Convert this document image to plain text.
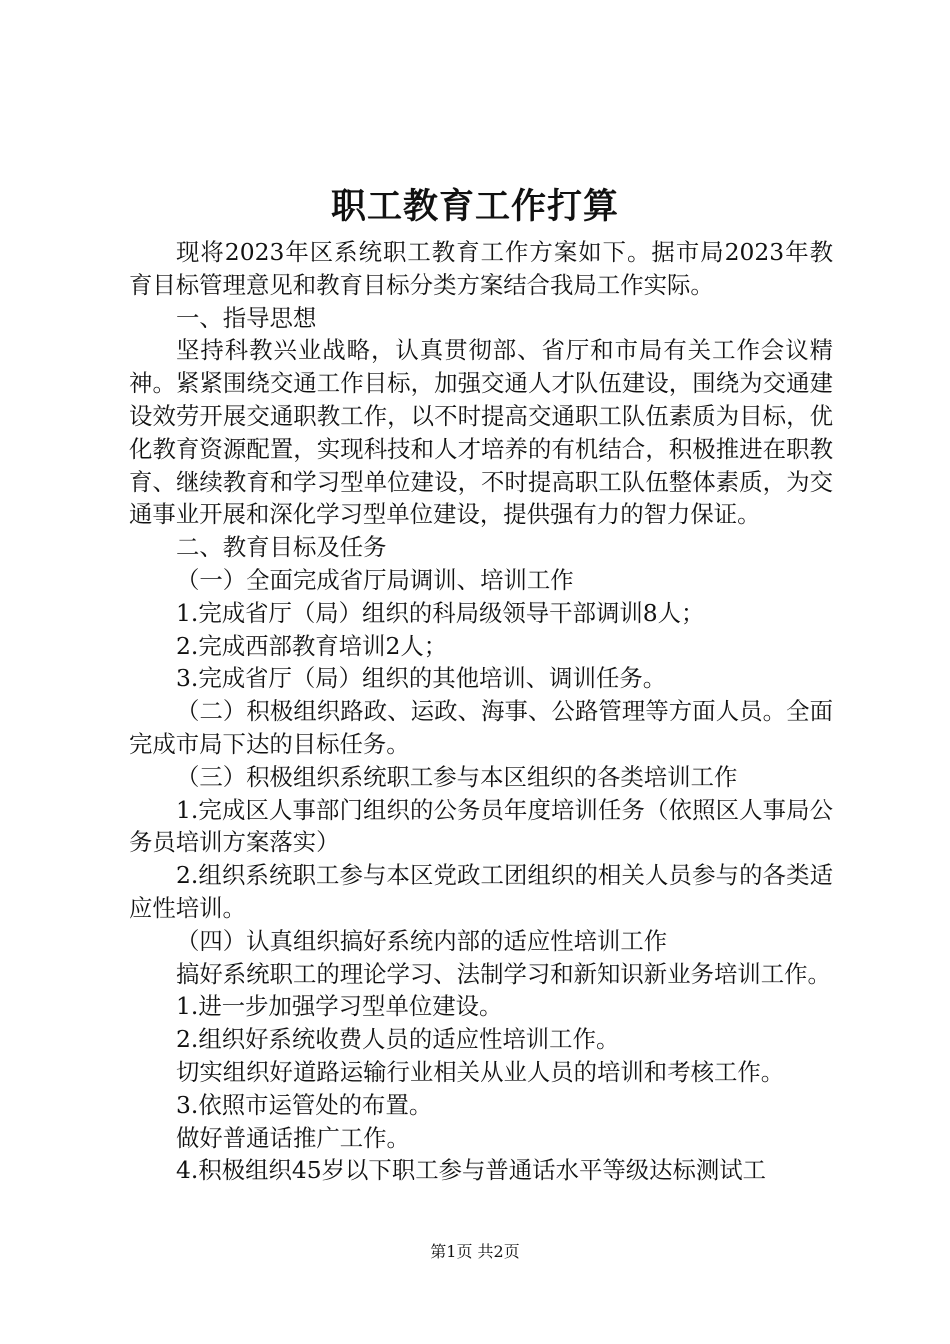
职工教育工作打算

现将2023年区系统职工教育工作方案如下。据市局2023年教育目标管理意见和教育目标分类方案结合我局工作实际。

一、指导思想

坚持科教兴业战略，认真贯彻部、省厅和市局有关工作会议精神。紧紧围绕交通工作目标，加强交通人才队伍建设，围绕为交通建设效劳开展交通职教工作，以不时提高交通职工队伍素质为目标，优化教育资源配置，实现科技和人才培养的有机结合，积极推进在职教育、继续教育和学习型单位建设，不时提高职工队伍整体素质，为交通事业开展和深化学习型单位建设，提供强有力的智力保证。

二、教育目标及任务

（一）全面完成省厅局调训、培训工作

1.完成省厅（局）组织的科局级领导干部调训8人；

2.完成西部教育培训2人；

3.完成省厅（局）组织的其他培训、调训任务。

（二）积极组织路政、运政、海事、公路管理等方面人员。全面完成市局下达的目标任务。

（三）积极组织系统职工参与本区组织的各类培训工作

1.完成区人事部门组织的公务员年度培训任务（依照区人事局公务员培训方案落实）

2.组织系统职工参与本区党政工团组织的相关人员参与的各类适应性培训。

（四）认真组织搞好系统内部的适应性培训工作

搞好系统职工的理论学习、法制学习和新知识新业务培训工作。

1.进一步加强学习型单位建设。

2.组织好系统收费人员的适应性培训工作。

切实组织好道路运输行业相关从业人员的培训和考核工作。

3.依照市运管处的布置。

做好普通话推广工作。

4.积极组织45岁以下职工参与普通话水平等级达标测试工

第1页 共2页
